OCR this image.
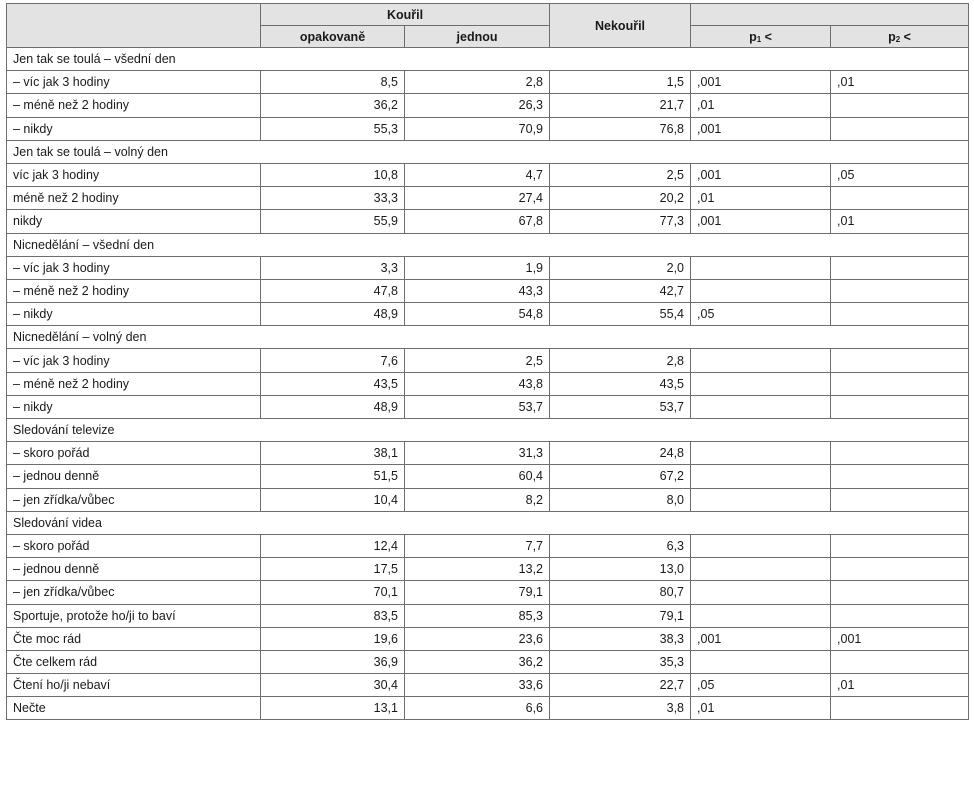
	Kouřil		Nekouřil		
	opakovaně	jednou		$p_1$ <	$p_2$ <
Jen tak se toulá – všední den					
– víc jak 3 hodiny	8,5	2,8	1,5	,001	,01
– méně než 2 hodiny	36,2	26,3	21,7	,01	
– nikdy	55,3	70,9	76,8	,001	
Jen tak se toulá – volný den					
víc jak 3 hodiny	10,8	4,7	2,5	,001	,05
méně než 2 hodiny	33,3	27,4	20,2	,01	
nikdy	55,9	67,8	77,3	,001	,01
Nicnedělání – všední den					
– víc jak 3 hodiny	3,3	1,9	2,0		
– méně než 2 hodiny	47,8	43,3	42,7		
– nikdy	48,9	54,8	55,4	,05	
Nicnedělání – volný den					
– víc jak 3 hodiny	7,6	2,5	2,8		
– méně než 2 hodiny	43,5	43,8	43,5		
– nikdy	48,9	53,7	53,7		
Sledování televize					
– skoro pořád	38,1	31,3	24,8		
– jednou denně	51,5	60,4	67,2		
– jen zřídka/vůbec	10,4	8,2	8,0		
Sledování videa					
– skoro pořád	12,4	7,7	6,3		
– jednou denně	17,5	13,2	13,0		
– jen zřídka/vůbec	70,1	79,1	80,7		
Sportuje, protože ho/ji to baví	83,5	85,3	79,1		
Čte moc rád	19,6	23,6	38,3	,001	,001
Čte celkem rád	36,9	36,2	35,3		
Čtení ho/ji nebaví	30,4	33,6	22,7	,05	,01
Nečte	13,1	6,6	3,8	,01	
